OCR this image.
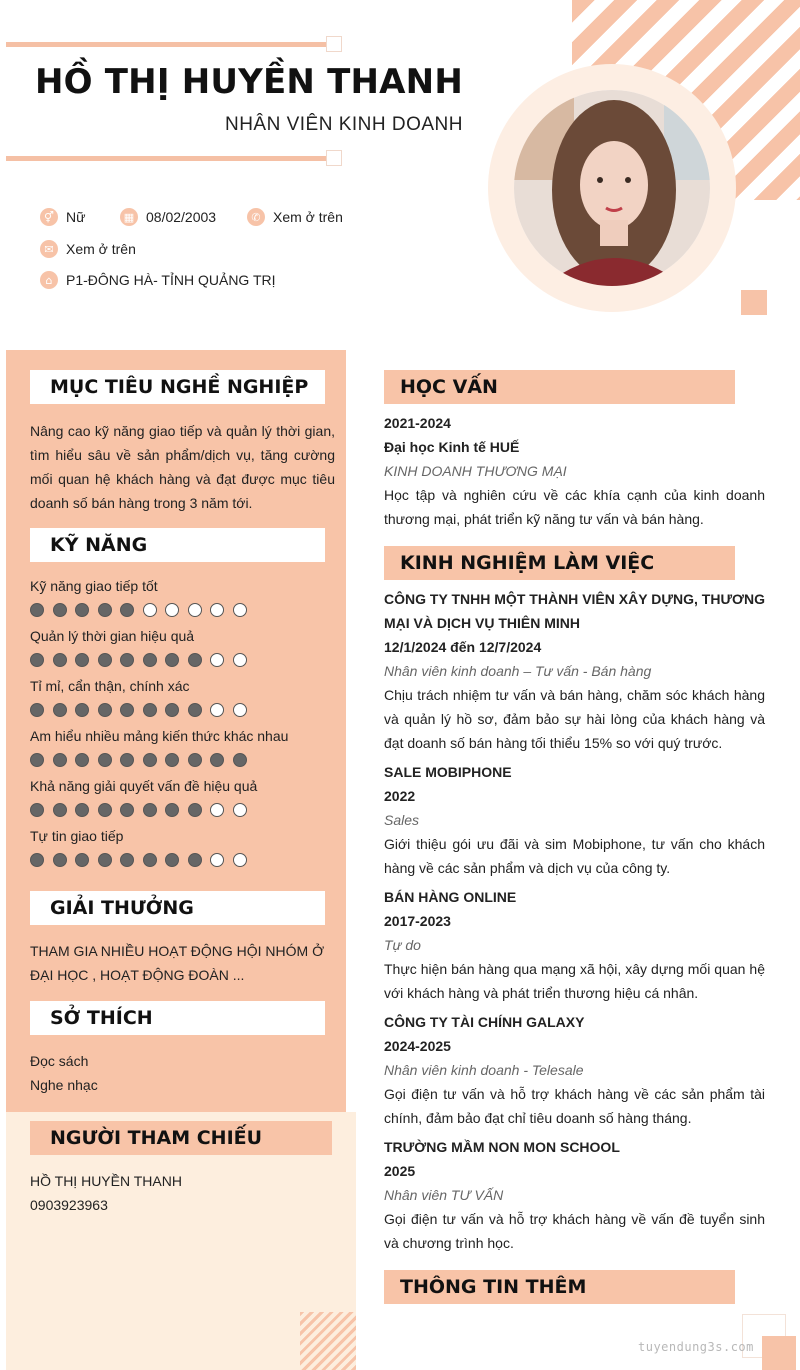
HỒ THỊ HUYỀN THANH
NHÂN VIÊN KINH DOANH
⚥ Nữ	▦ 08/02/2003	✆ Xem ở trên
✉ Xem ở trên
⌂ P1-ĐÔNG HÀ- TỈNH QUẢNG TRỊ
MỤC TIÊU NGHỀ NGHIỆP
Nâng cao kỹ năng giao tiếp và quản lý thời gian, tìm hiểu sâu về sản phẩm/dịch vụ, tăng cường mối quan hệ khách hàng và đạt được mục tiêu doanh số bán hàng trong 3 năm tới.
KỸ NĂNG
Kỹ năng giao tiếp tốt
Quản lý thời gian hiệu quả
Tỉ mỉ, cẩn thận, chính xác
Am hiểu nhiều mảng kiến thức khác nhau
Khả năng giải quyết vấn đề hiệu quả
Tự tin giao tiếp
GIẢI THƯỞNG
THAM GIA NHIỀU HOẠT ĐỘNG HỘI NHÓM Ở ĐẠI HỌC , HOẠT ĐỘNG ĐOÀN ...
SỞ THÍCH
Đọc sách
Nghe nhạc
NGƯỜI THAM CHIẾU
HỒ THỊ HUYỀN THANH
0903923963
HỌC VẤN
2021-2024
Đại học Kinh tế HUẾ
KINH DOANH THƯƠNG MẠI
Học tập và nghiên cứu về các khía cạnh của kinh doanh thương mại, phát triển kỹ năng tư vấn và bán hàng.
KINH NGHIỆM LÀM VIỆC
CÔNG TY TNHH MỘT THÀNH VIÊN XÂY DỰNG, THƯƠNG MẠI VÀ DỊCH VỤ THIÊN MINH
12/1/2024 đến 12/7/2024
Nhân viên kinh doanh – Tư vấn - Bán hàng
Chịu trách nhiệm tư vấn và bán hàng, chăm sóc khách hàng và quản lý hồ sơ, đảm bảo sự hài lòng của khách hàng và đạt doanh số bán hàng tối thiểu 15% so với quý trước.
SALE MOBIPHONE
2022
Sales
Giới thiệu gói ưu đãi và sim Mobiphone, tư vấn cho khách hàng về các sản phẩm và dịch vụ của công ty.
BÁN HÀNG ONLINE
2017-2023
Tự do
Thực hiện bán hàng qua mạng xã hội, xây dựng mối quan hệ với khách hàng và phát triển thương hiệu cá nhân.
CÔNG TY TÀI CHÍNH GALAXY
2024-2025
Nhân viên kinh doanh - Telesale
Gọi điện tư vấn và hỗ trợ khách hàng về các sản phẩm tài chính, đảm bảo đạt chỉ tiêu doanh số hàng tháng.
TRƯỜNG MẦM NON MON SCHOOL
2025
Nhân viên TƯ VẤN
Gọi điện tư vấn và hỗ trợ khách hàng về vấn đề tuyển sinh và chương trình học.
THÔNG TIN THÊM
tuyendung3s.com
